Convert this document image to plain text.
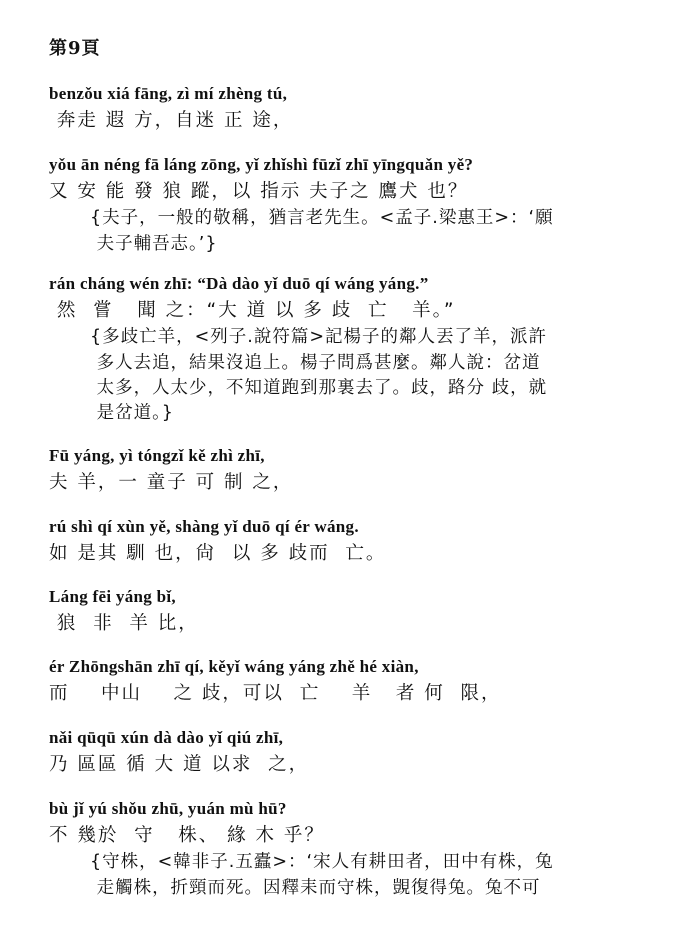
第9頁
benzǒu xiá fāng, zì mí zhèng tú,
奔走 遐 方，自迷 正 途，
yǒu ān néng fā láng zōng, yǐ zhǐshì fūzǐ zhī yīngquǎn yě?
又 安 能 發 狼 蹤，以 指示 夫子之 鷹犬 也？
{夫子，一般的敬稱，猶言老先生。<孟子.梁惠王>：‘願
夫子輔吾志。’}
rán cháng wén zhī: “Dà dào yǐ duō qí wáng yáng.”
然  嘗   聞 之：“大 道 以 多 歧  亡   羊。”
{多歧亡羊，<列子.說符篇>記楊子的鄰人丟了羊，派許
多人去追，結果沒追上。楊子問爲甚麼。鄰人說：岔道
太多，人太少，不知道跑到那裏去了。歧，路分 歧，就
是岔道。}
Fū yáng, yì tóngzǐ kě zhì zhī,
夫 羊，一 童子 可 制 之，
rú shì qí xùn yě, shàng yǐ duō qí ér wáng.
如 是其 馴 也，尙  以 多 歧而  亡。
Láng fēi yáng bǐ,
狼  非  羊 比，
ér Zhōngshān zhī qí, kěyǐ wáng yáng zhě hé xiàn,
而    中山    之 歧，可以  亡    羊   者 何  限，
nǎi qūqū xún dà dào yǐ qiú zhī,
乃 區區 循 大 道 以求  之，
bù jǐ yú shǒu zhū, yuán mù hū?
不 幾於  守   株、 緣 木 乎？
{守株，<韓非子.五蠹>：‘宋人有耕田者，田中有株，兔
走觸株，折頸而死。因釋耒而守株，覬復得兔。兔不可
